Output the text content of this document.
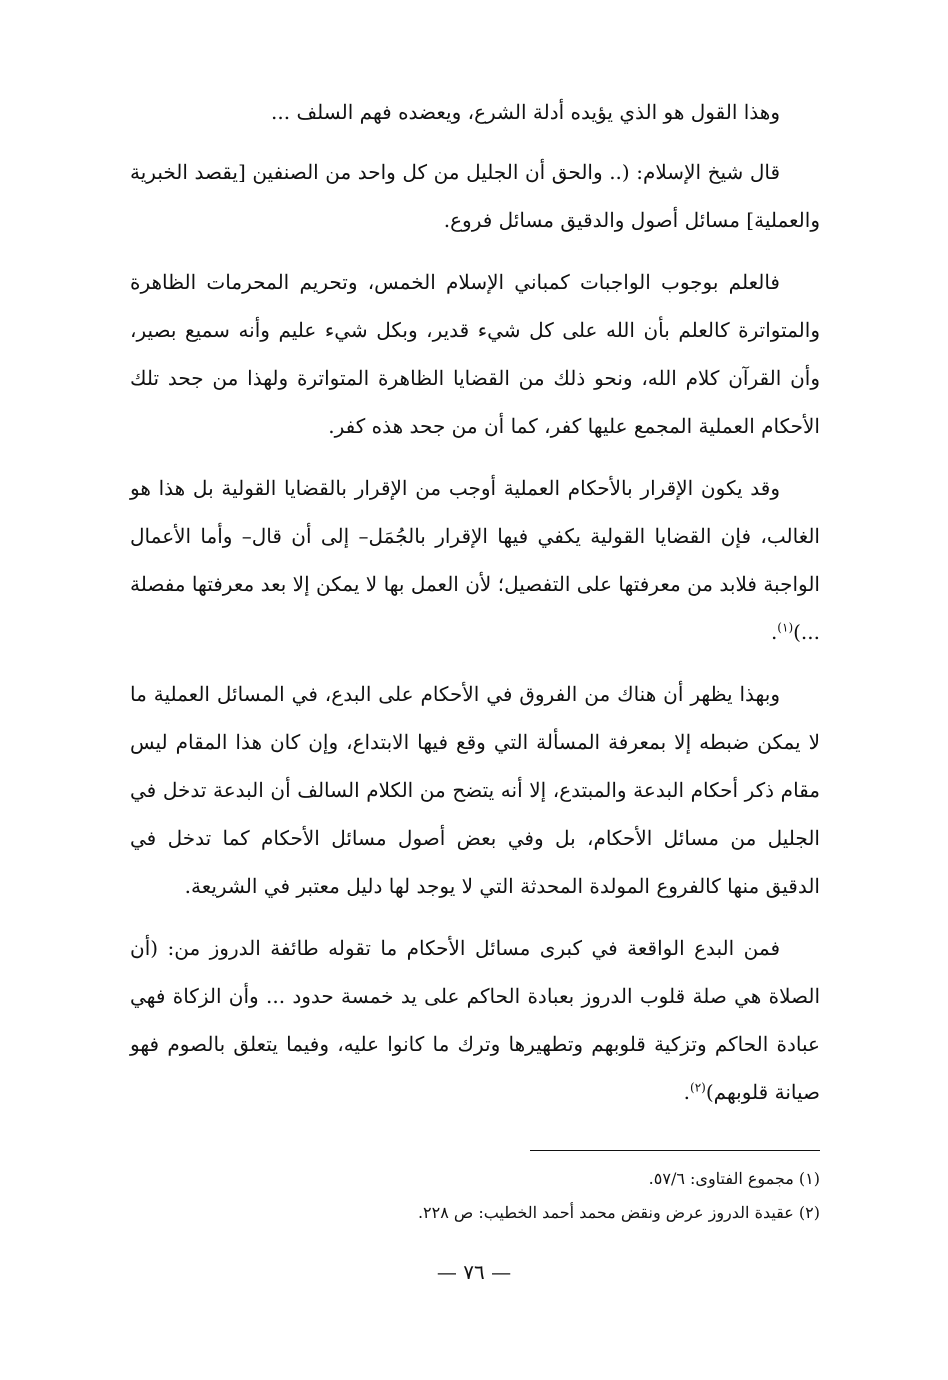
وهذا القول هو الذي يؤيده أدلة الشرع، ويعضده فهم السلف ...

قال شيخ الإسلام: (.. والحق أن الجليل من كل واحد من الصنفين [يقصد الخبرية والعملية] مسائل أصول والدقيق مسائل فروع.

فالعلم بوجوب الواجبات كمباني الإسلام الخمس، وتحريم المحرمات الظاهرة والمتواترة كالعلم بأن الله على كل شيء قدير، وبكل شيء عليم وأنه سميع بصير، وأن القرآن كلام الله، ونحو ذلك من القضايا الظاهرة المتواترة ولهذا من جحد تلك الأحكام العملية المجمع عليها كفر، كما أن من جحد هذه كفر.

وقد يكون الإقرار بالأحكام العملية أوجب من الإقرار بالقضايا القولية بل هذا هو الغالب، فإن القضايا القولية يكفي فيها الإقرار بالجُمَل– إلى أن قال– وأما الأعمال الواجبة فلابد من معرفتها على التفصيل؛ لأن العمل بها لا يمكن إلا بعد معرفتها مفصلة ...)$^{(١)}$.

وبهذا يظهر أن هناك من الفروق في الأحكام على البدع، في المسائل العملية ما لا يمكن ضبطه إلا بمعرفة المسألة التي وقع فيها الابتداع، وإن كان هذا المقام ليس مقام ذكر أحكام البدعة والمبتدع، إلا أنه يتضح من الكلام السالف أن البدعة تدخل في الجليل من مسائل الأحكام، بل وفي بعض أصول مسائل الأحكام كما تدخل في الدقيق منها كالفروع المولدة المحدثة التي لا يوجد لها دليل معتبر في الشريعة.

فمن البدع الواقعة في كبرى مسائل الأحكام ما تقوله طائفة الدروز من: (أن الصلاة هي صلة قلوب الدروز بعبادة الحاكم على يد خمسة حدود ... وأن الزكاة فهي عبادة الحاكم وتزكية قلوبهم وتطهيرها وترك ما كانوا عليه، وفيما يتعلق بالصوم فهو صيانة قلوبهم)$^{(٢)}$.

(١) مجموع الفتاوى: ٥٧/٦.

(٢) عقيدة الدروز عرض ونقض محمد أحمد الخطيب: ص ٢٢٨.

— ٧٦ —
